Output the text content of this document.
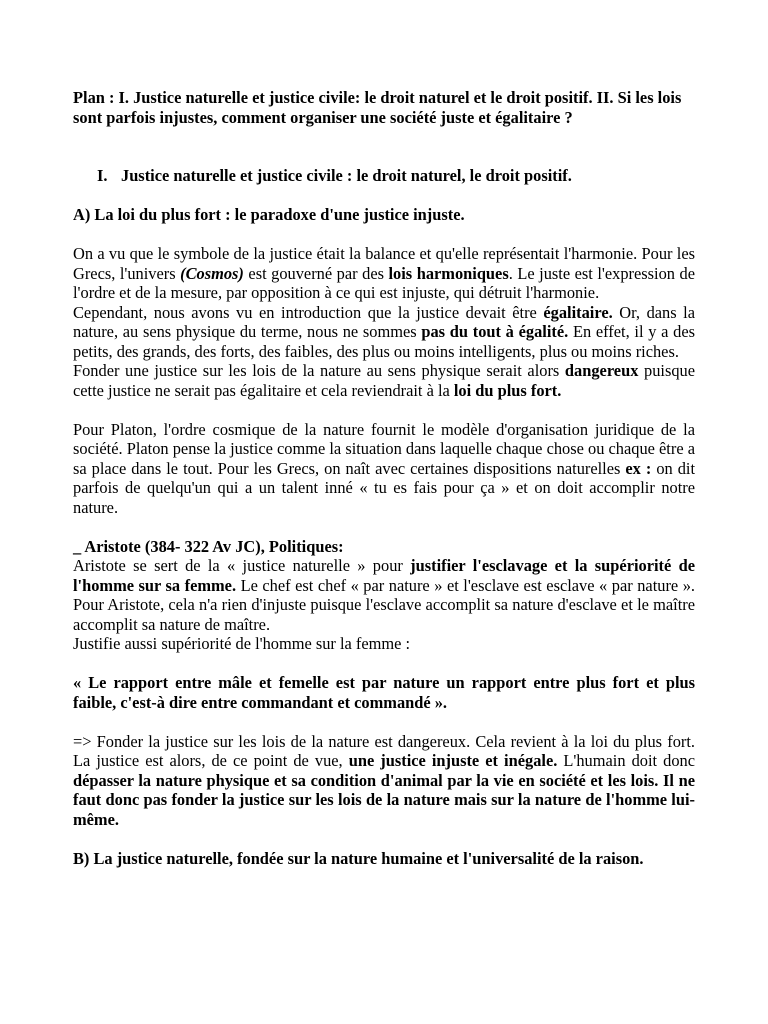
Plan : I. Justice naturelle et justice civile: le droit naturel et le droit positif. II. Si les lois sont parfois injustes, comment organiser une société juste et égalitaire ?

I. Justice naturelle et justice civile : le droit naturel, le droit positif.

A) La loi du plus fort : le paradoxe d'une justice injuste.

On a vu que le symbole de la justice était la balance et qu'elle représentait l'harmonie. Pour les Grecs, l'univers (Cosmos) est gouverné par des lois harmoniques. Le juste est l'expression de l'ordre et de la mesure, par opposition à ce qui est injuste, qui détruit l'harmonie.

Cependant, nous avons vu en introduction que la justice devait être égalitaire. Or, dans la nature, au sens physique du terme, nous ne sommes pas du tout à égalité. En effet, il y a des petits, des grands, des forts, des faibles, des plus ou moins intelligents, plus ou moins riches.

Fonder une justice sur les lois de la nature au sens physique serait alors dangereux puisque cette justice ne serait pas égalitaire et cela reviendrait à la loi du plus fort.

Pour Platon, l'ordre cosmique de la nature fournit le modèle d'organisation juridique de la société. Platon pense la justice comme la situation dans laquelle chaque chose ou chaque être a sa place dans le tout. Pour les Grecs, on naît avec certaines dispositions naturelles ex : on dit parfois de quelqu'un qui a un talent inné « tu es fais pour ça » et on doit accomplir notre nature.

_ Aristote (384- 322 Av JC), Politiques:

Aristote se sert de la « justice naturelle » pour justifier l'esclavage et la supériorité de l'homme sur sa femme. Le chef est chef « par nature » et l'esclave est esclave « par nature ». Pour Aristote, cela n'a rien d'injuste puisque l'esclave accomplit sa nature d'esclave et le maître accomplit sa nature de maître.

Justifie aussi supériorité de l'homme sur la femme :

« Le rapport entre mâle et femelle est par nature un rapport entre plus fort et plus faible, c'est-à dire entre commandant et commandé ».

=> Fonder la justice sur les lois de la nature est dangereux. Cela revient à la loi du plus fort. La justice est alors, de ce point de vue, une justice injuste et inégale. L'humain doit donc dépasser la nature physique et sa condition d'animal par la vie en société et les lois. Il ne faut donc pas fonder la justice sur les lois de la nature mais sur la nature de l'homme lui-même.

B) La justice naturelle, fondée sur la nature humaine et l'universalité de la raison.
